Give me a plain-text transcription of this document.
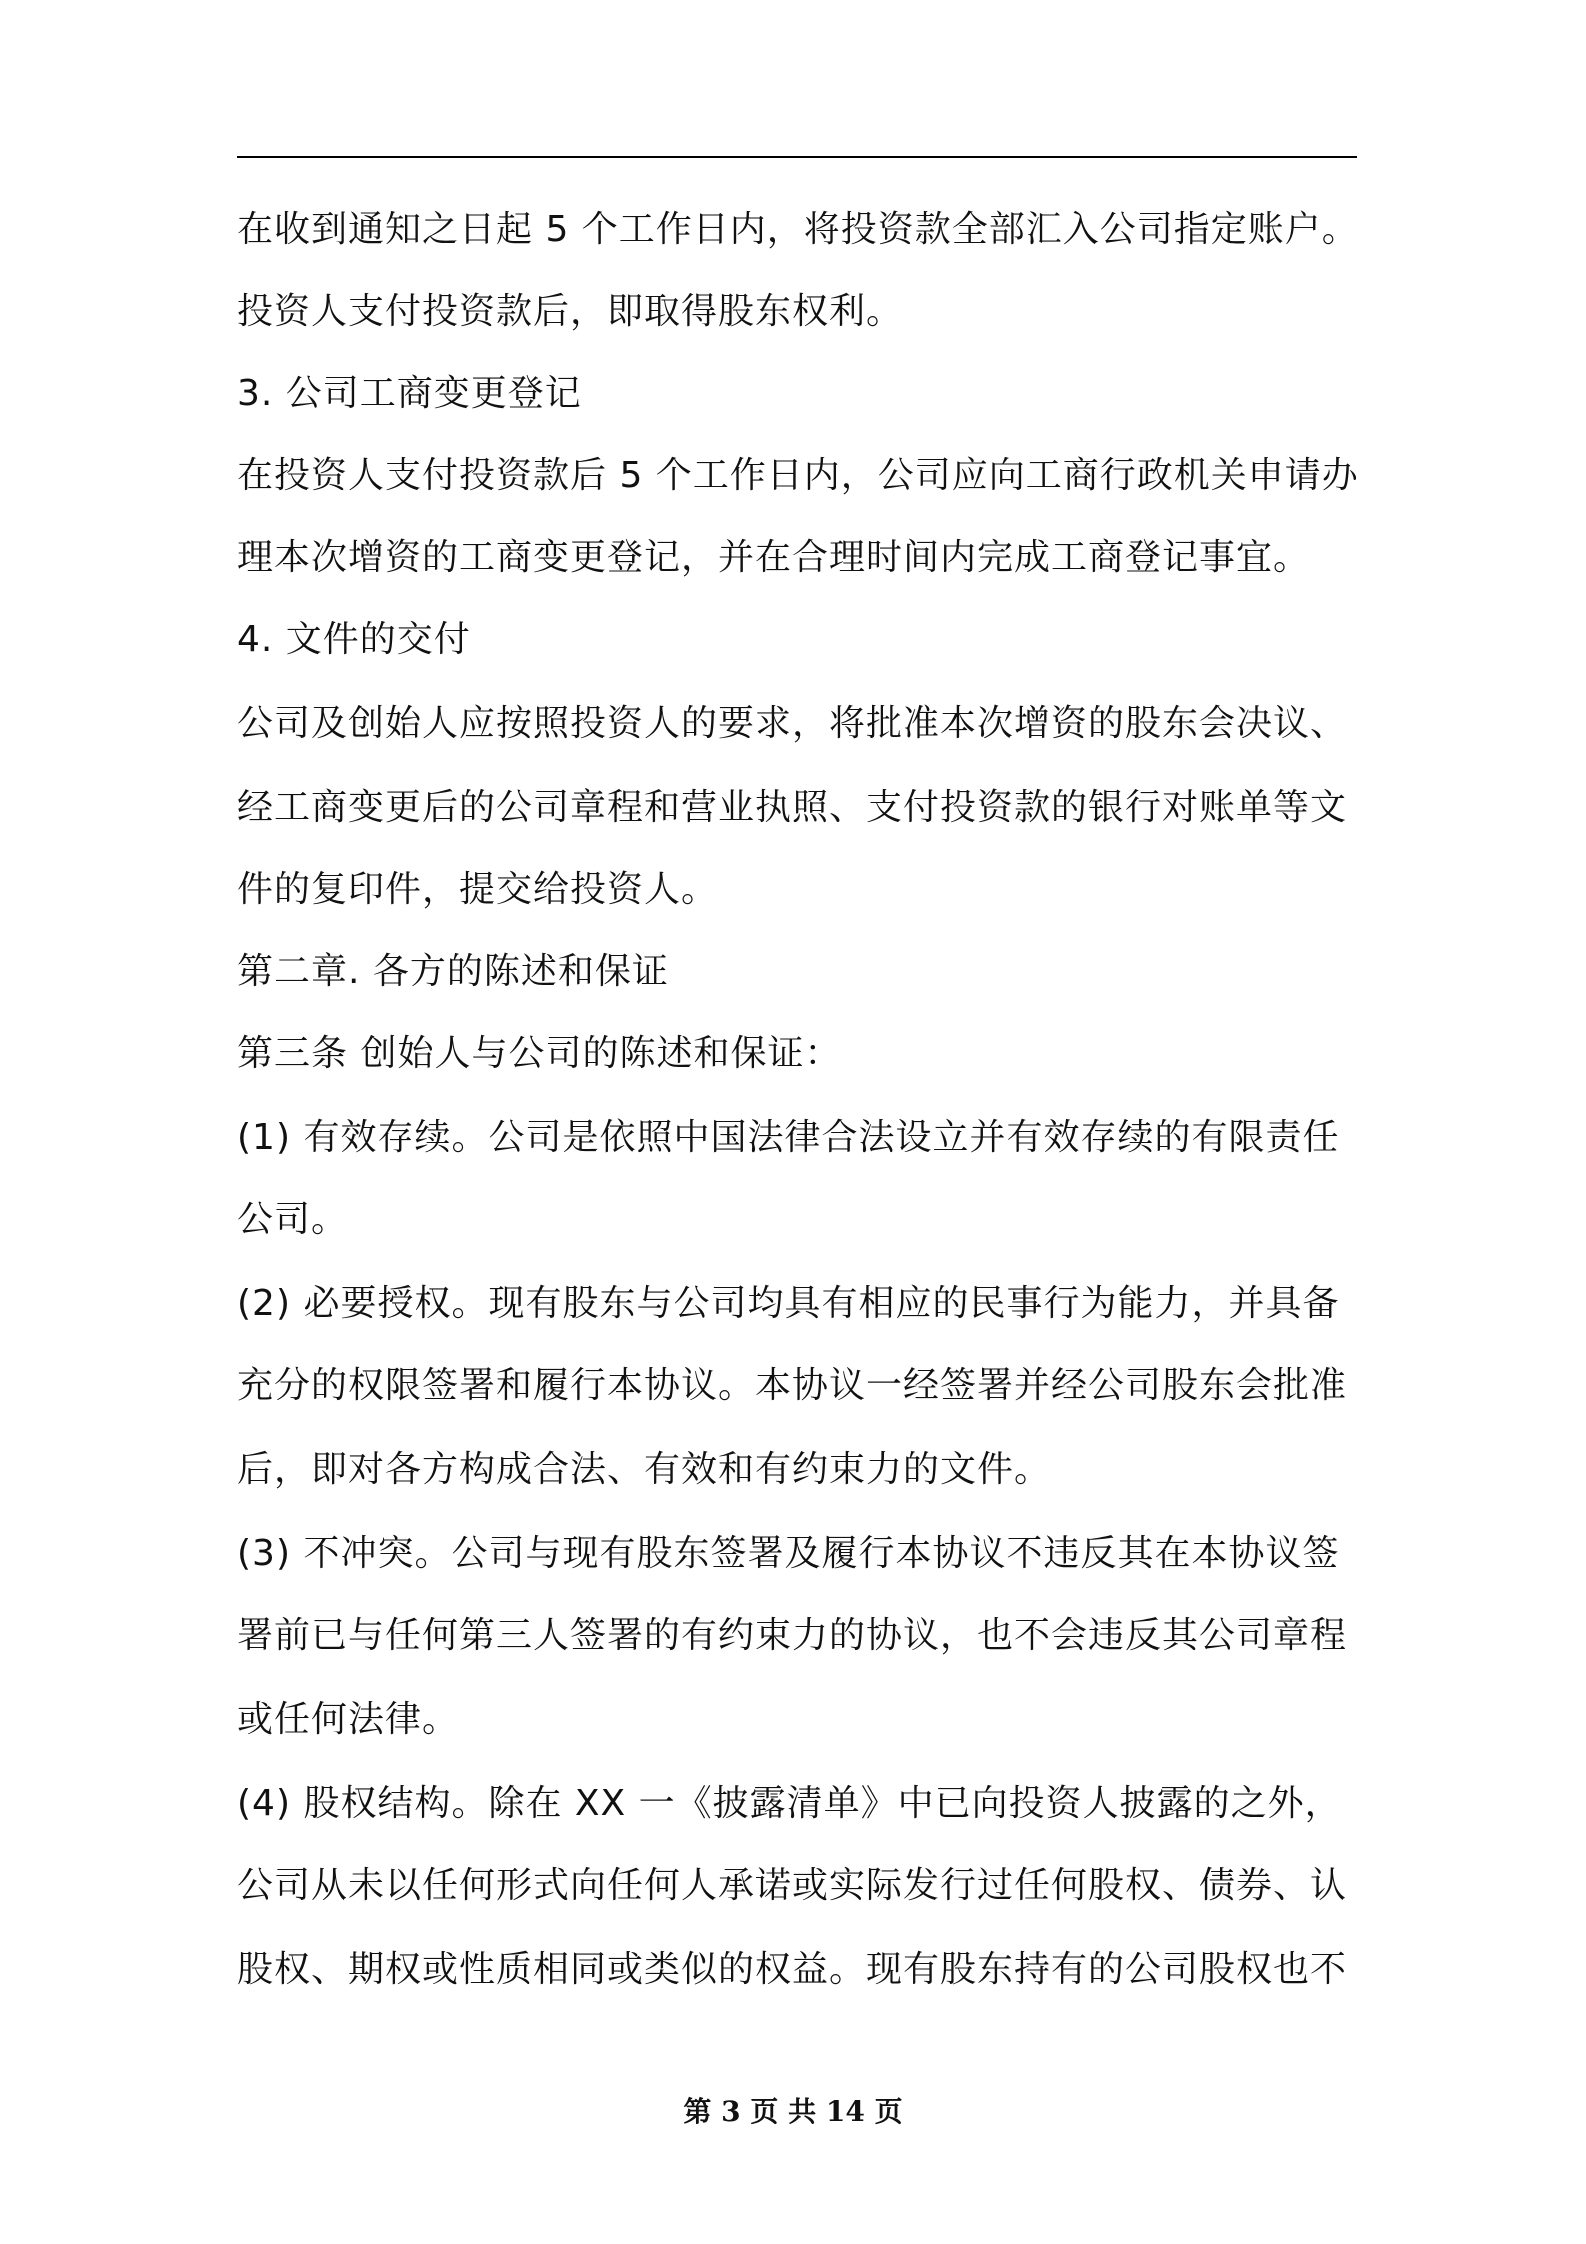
在收到通知之日起 5 个工作日内，将投资款全部汇入公司指定账户。
投资人支付投资款后，即取得股东权利。
3. 公司工商变更登记
在投资人支付投资款后 5 个工作日内，公司应向工商行政机关申请办
理本次增资的工商变更登记，并在合理时间内完成工商登记事宜。
4. 文件的交付
公司及创始人应按照投资人的要求，将批准本次增资的股东会决议、
经工商变更后的公司章程和营业执照、支付投资款的银行对账单等文
件的复印件，提交给投资人。
第二章. 各方的陈述和保证
第三条 创始人与公司的陈述和保证：
(1) 有效存续。公司是依照中国法律合法设立并有效存续的有限责任
公司。
(2) 必要授权。现有股东与公司均具有相应的民事行为能力，并具备
充分的权限签署和履行本协议。本协议一经签署并经公司股东会批准
后，即对各方构成合法、有效和有约束力的文件。
(3) 不冲突。公司与现有股东签署及履行本协议不违反其在本协议签
署前已与任何第三人签署的有约束力的协议，也不会违反其公司章程
或任何法律。
(4) 股权结构。除在 XX 一《披露清单》中已向投资人披露的之外，
公司从未以任何形式向任何人承诺或实际发行过任何股权、债券、认
股权、期权或性质相同或类似的权益。现有股东持有的公司股权也不
第 3 页 共 14 页
